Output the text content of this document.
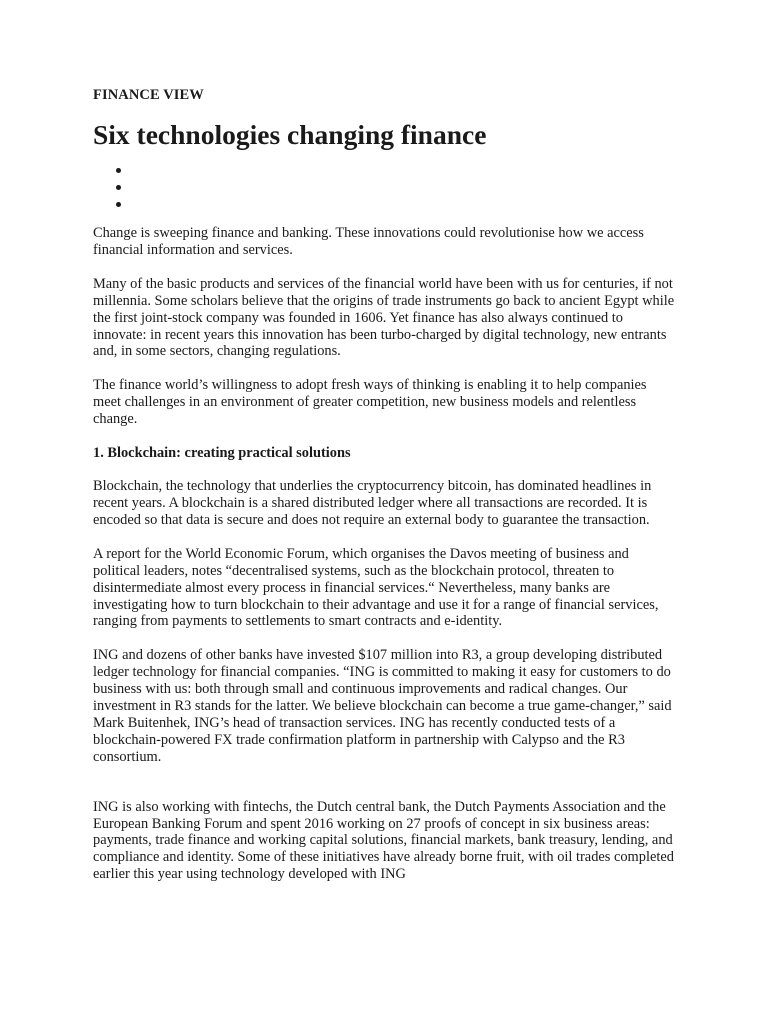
FINANCE VIEW
Six technologies changing finance

Change is sweeping finance and banking. These innovations could revolutionise how we access financial information and services.

Many of the basic products and services of the financial world have been with us for centuries, if not millennia. Some scholars believe that the origins of trade instruments go back to ancient Egypt while the first joint-stock company was founded in 1606. Yet finance has also always continued to innovate: in recent years this innovation has been turbo-charged by digital technology, new entrants and, in some sectors, changing regulations.

The finance world’s willingness to adopt fresh ways of thinking is enabling it to help companies meet challenges in an environment of greater competition, new business models and relentless change.

1. Blockchain: creating practical solutions

Blockchain, the technology that underlies the cryptocurrency bitcoin, has dominated headlines in recent years. A blockchain is a shared distributed ledger where all transactions are recorded. It is encoded so that data is secure and does not require an external body to guarantee the transaction.

A report for the World Economic Forum, which organises the Davos meeting of business and political leaders, notes “decentralised systems, such as the blockchain protocol, threaten to disintermediate almost every process in financial services.“ Nevertheless, many banks are investigating how to turn blockchain to their advantage and use it for a range of financial services, ranging from payments to settlements to smart contracts and e-identity.

ING and dozens of other banks have invested $107 million into R3, a group developing distributed ledger technology for financial companies. “ING is committed to making it easy for customers to do business with us: both through small and continuous improvements and radical changes. Our investment in R3 stands for the latter. We believe blockchain can become a true game-changer,” said Mark Buitenhek, ING’s head of transaction services. ING has recently conducted tests of a blockchain-powered FX trade confirmation platform in partnership with Calypso and the R3 consortium.

ING is also working with fintechs, the Dutch central bank, the Dutch Payments Association and the European Banking Forum and spent 2016 working on 27 proofs of concept in six business areas: payments, trade finance and working capital solutions, financial markets, bank treasury, lending, and compliance and identity. Some of these initiatives have already borne fruit, with oil trades completed earlier this year using technology developed with ING
